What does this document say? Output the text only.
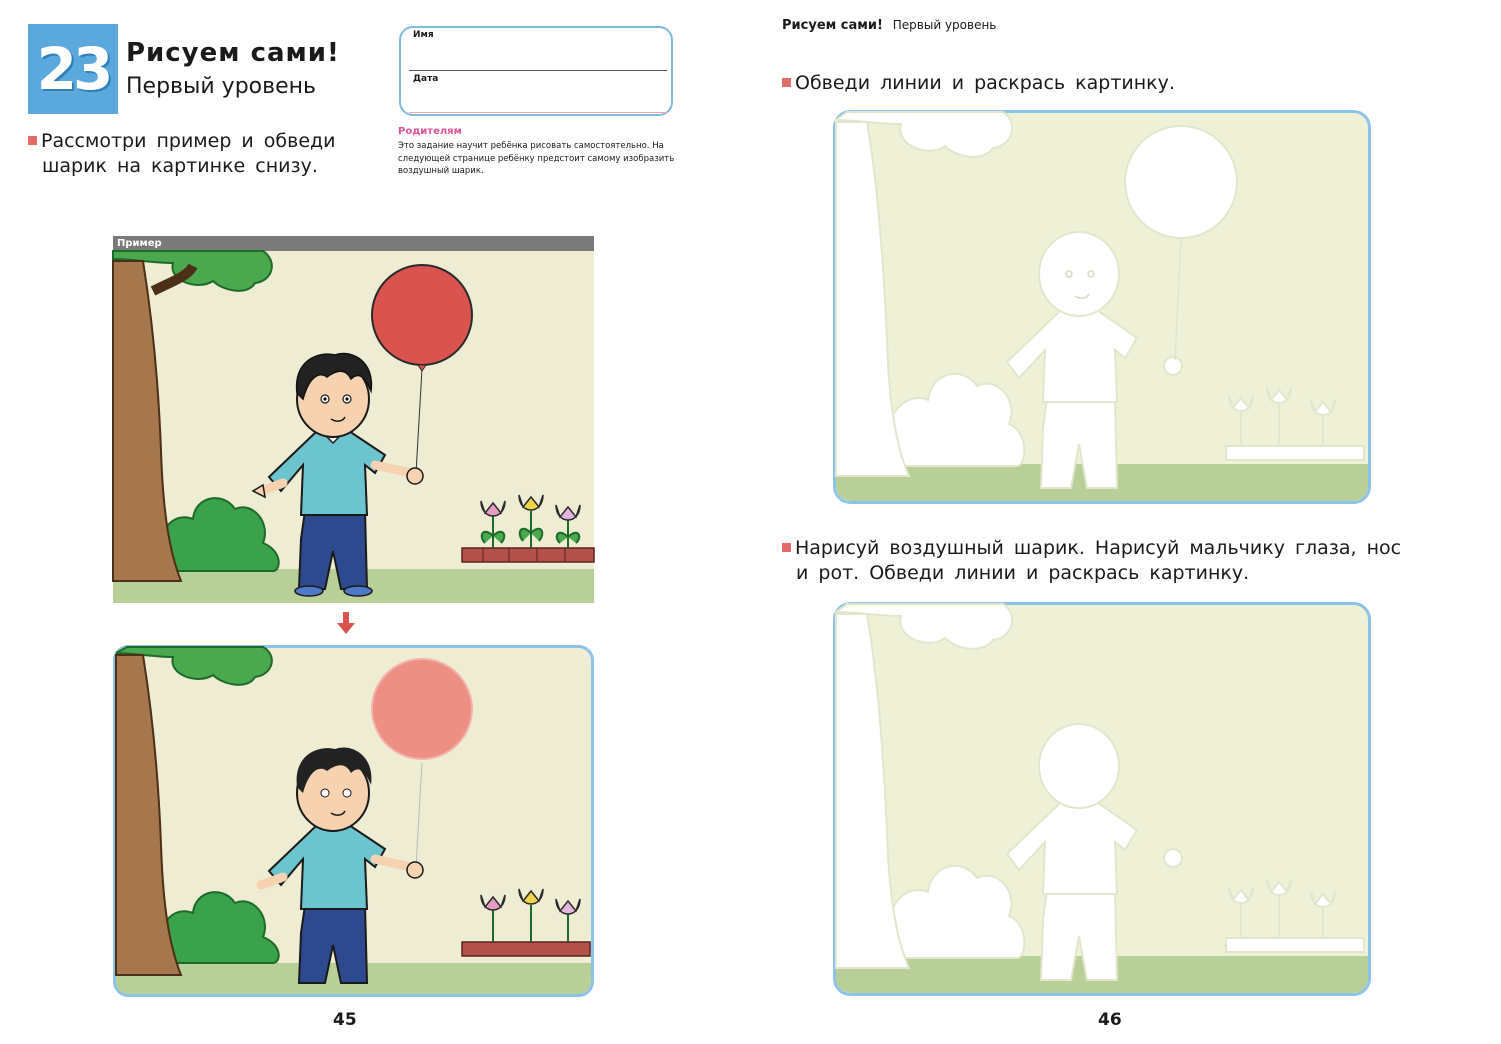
23 Рисуем сами!
Первый уровень
Имя
Дата
Родителям
Это задание научит ребёнка рисовать самостоятельно. На следующей странице ребёнку предстоит самому изобразить воздушный шарик.
Рассмотри пример и обведи
шарик на картинке снизу.
Пример
45
Рисуем сами! Первый уровень
Обведи линии и раскрась картинку.
Нарисуй воздушный шарик. Нарисуй мальчику глаза, нос
и рот. Обведи линии и раскрась картинку.
46
